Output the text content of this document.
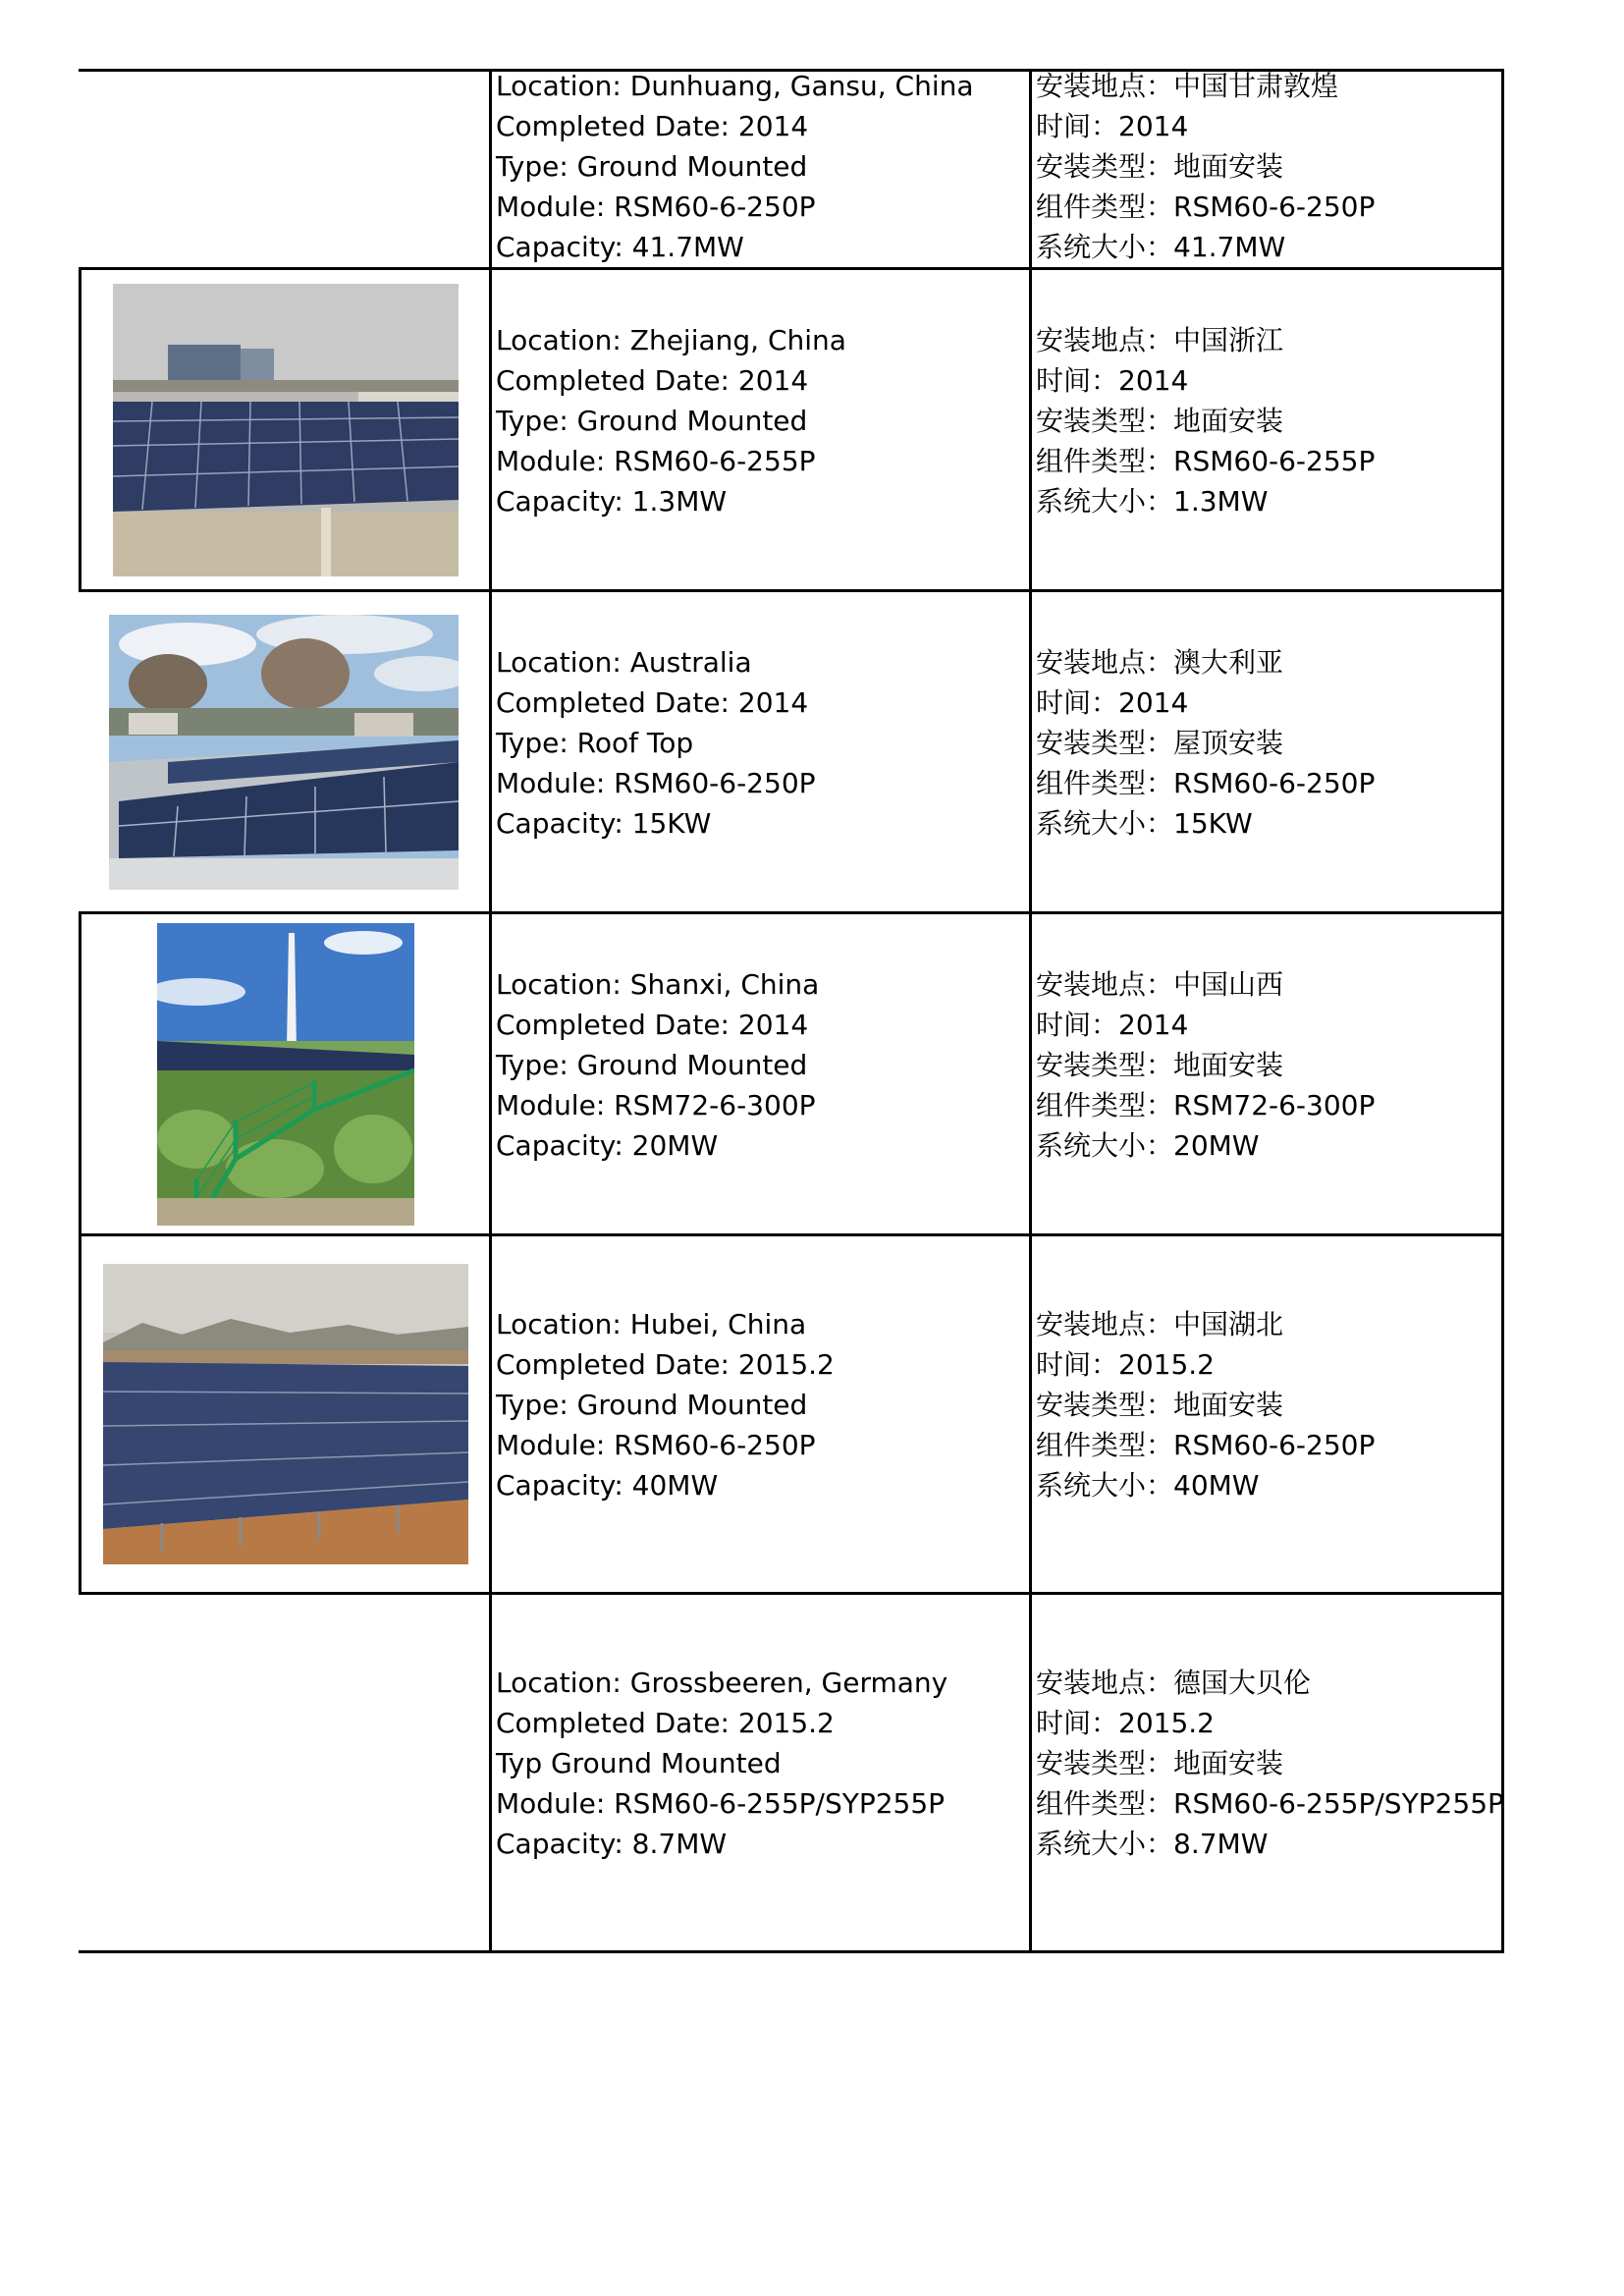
Location: Dunhuang, Gansu, China
Completed Date: 2014
Type: Ground Mounted
Module: RSM60-6-250P
Capacity: 41.7MW
安装地点：中国甘肃敦煌
时间：2014
安装类型：地面安装
组件类型：RSM60-6-250P
系统大小：41.7MW
Location: Zhejiang, China
Completed Date: 2014
Type: Ground Mounted
Module: RSM60-6-255P
Capacity: 1.3MW
安装地点：中国浙江
时间：2014
安装类型：地面安装
组件类型：RSM60-6-255P
系统大小：1.3MW
Location: Australia
Completed Date: 2014
Type: Roof Top
Module: RSM60-6-250P
Capacity: 15KW
安装地点：澳大利亚
时间：2014
安装类型：屋顶安装
组件类型：RSM60-6-250P
系统大小：15KW
Location: Shanxi, China
Completed Date: 2014
Type: Ground Mounted
Module: RSM72-6-300P
Capacity: 20MW
安装地点：中国山西
时间：2014
安装类型：地面安装
组件类型：RSM72-6-300P
系统大小：20MW
Location: Hubei, China
Completed Date: 2015.2
Type: Ground Mounted
Module: RSM60-6-250P
Capacity: 40MW
安装地点：中国湖北
时间：2015.2
安装类型：地面安装
组件类型：RSM60-6-250P
系统大小：40MW
Location: Grossbeeren, Germany
Completed Date: 2015.2
Typ Ground Mounted
Module: RSM60-6-255P/SYP255P
Capacity: 8.7MW
安装地点：德国大贝伦
时间：2015.2
安装类型：地面安装
组件类型：RSM60-6-255P/SYP255P
系统大小：8.7MW
